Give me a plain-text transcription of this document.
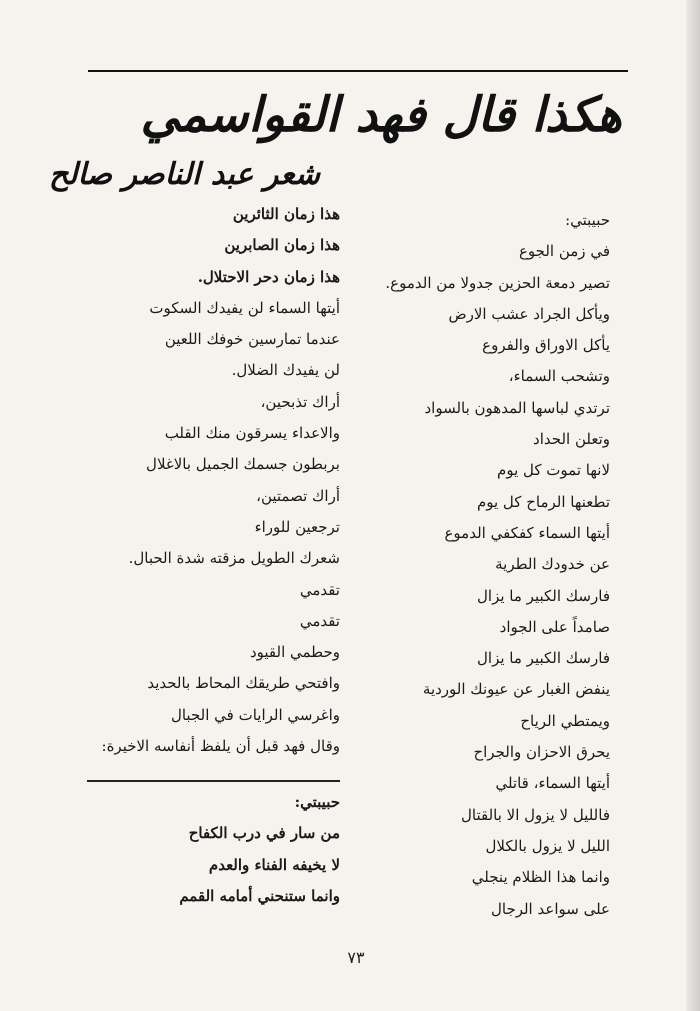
هكذا قال فهد القواسمي
شعر عبد الناصر صالح
حبيبتي:
في زمن الجوع
تصير دمعة الحزين جدولا من الدموع.
ويأكل الجراد عشب الارض
يأكل الاوراق والفروع
وتشحب السماء،
ترتدي لباسها المدهون بالسواد
وتعلن الحداد
لانها تموت كل يوم
تطعنها الرماح كل يوم
أيتها السماء كفكفي الدموع
عن خدودك الطرية
فارسك الكبير ما يزال
صامداً على الجواد
فارسك الكبير ما يزال
ينفض الغبار عن عيونك الوردية
ويمتطي الرياح
يحرق الاحزان والجراح
أيتها السماء، قاتلي
فالليل لا يزول الا بالقتال
الليل لا يزول بالكلال
وانما هذا الظلام ينجلي
على سواعد الرجال
هذا زمان الثائرين
هذا زمان الصابرين
هذا زمان دحر الاحتلال.
أيتها السماء لن يفيدك السكوت
عندما تمارسين خوفك اللعين
لن يفيدك الضلال.
أراك تذبحين،
والاعداء يسرقون منك القلب
بربطون جسمك الجميل بالاغلال
أراك تصمتين،
ترجعين للوراء
شعرك الطويل مزقته شدة الحبال.
تقدمي
تقدمي
وحطمي القيود
وافتحي طريقك المحاط بالحديد
واغرسي الرايات في الجبال
وقال فهد قبل أن يلفظ أنفاسه الاخيرة:
حبيبتي:
من سار في درب الكفاح
لا يخيفه الفناء والعدم
وانما ستنحني أمامه القمم
٧٣
